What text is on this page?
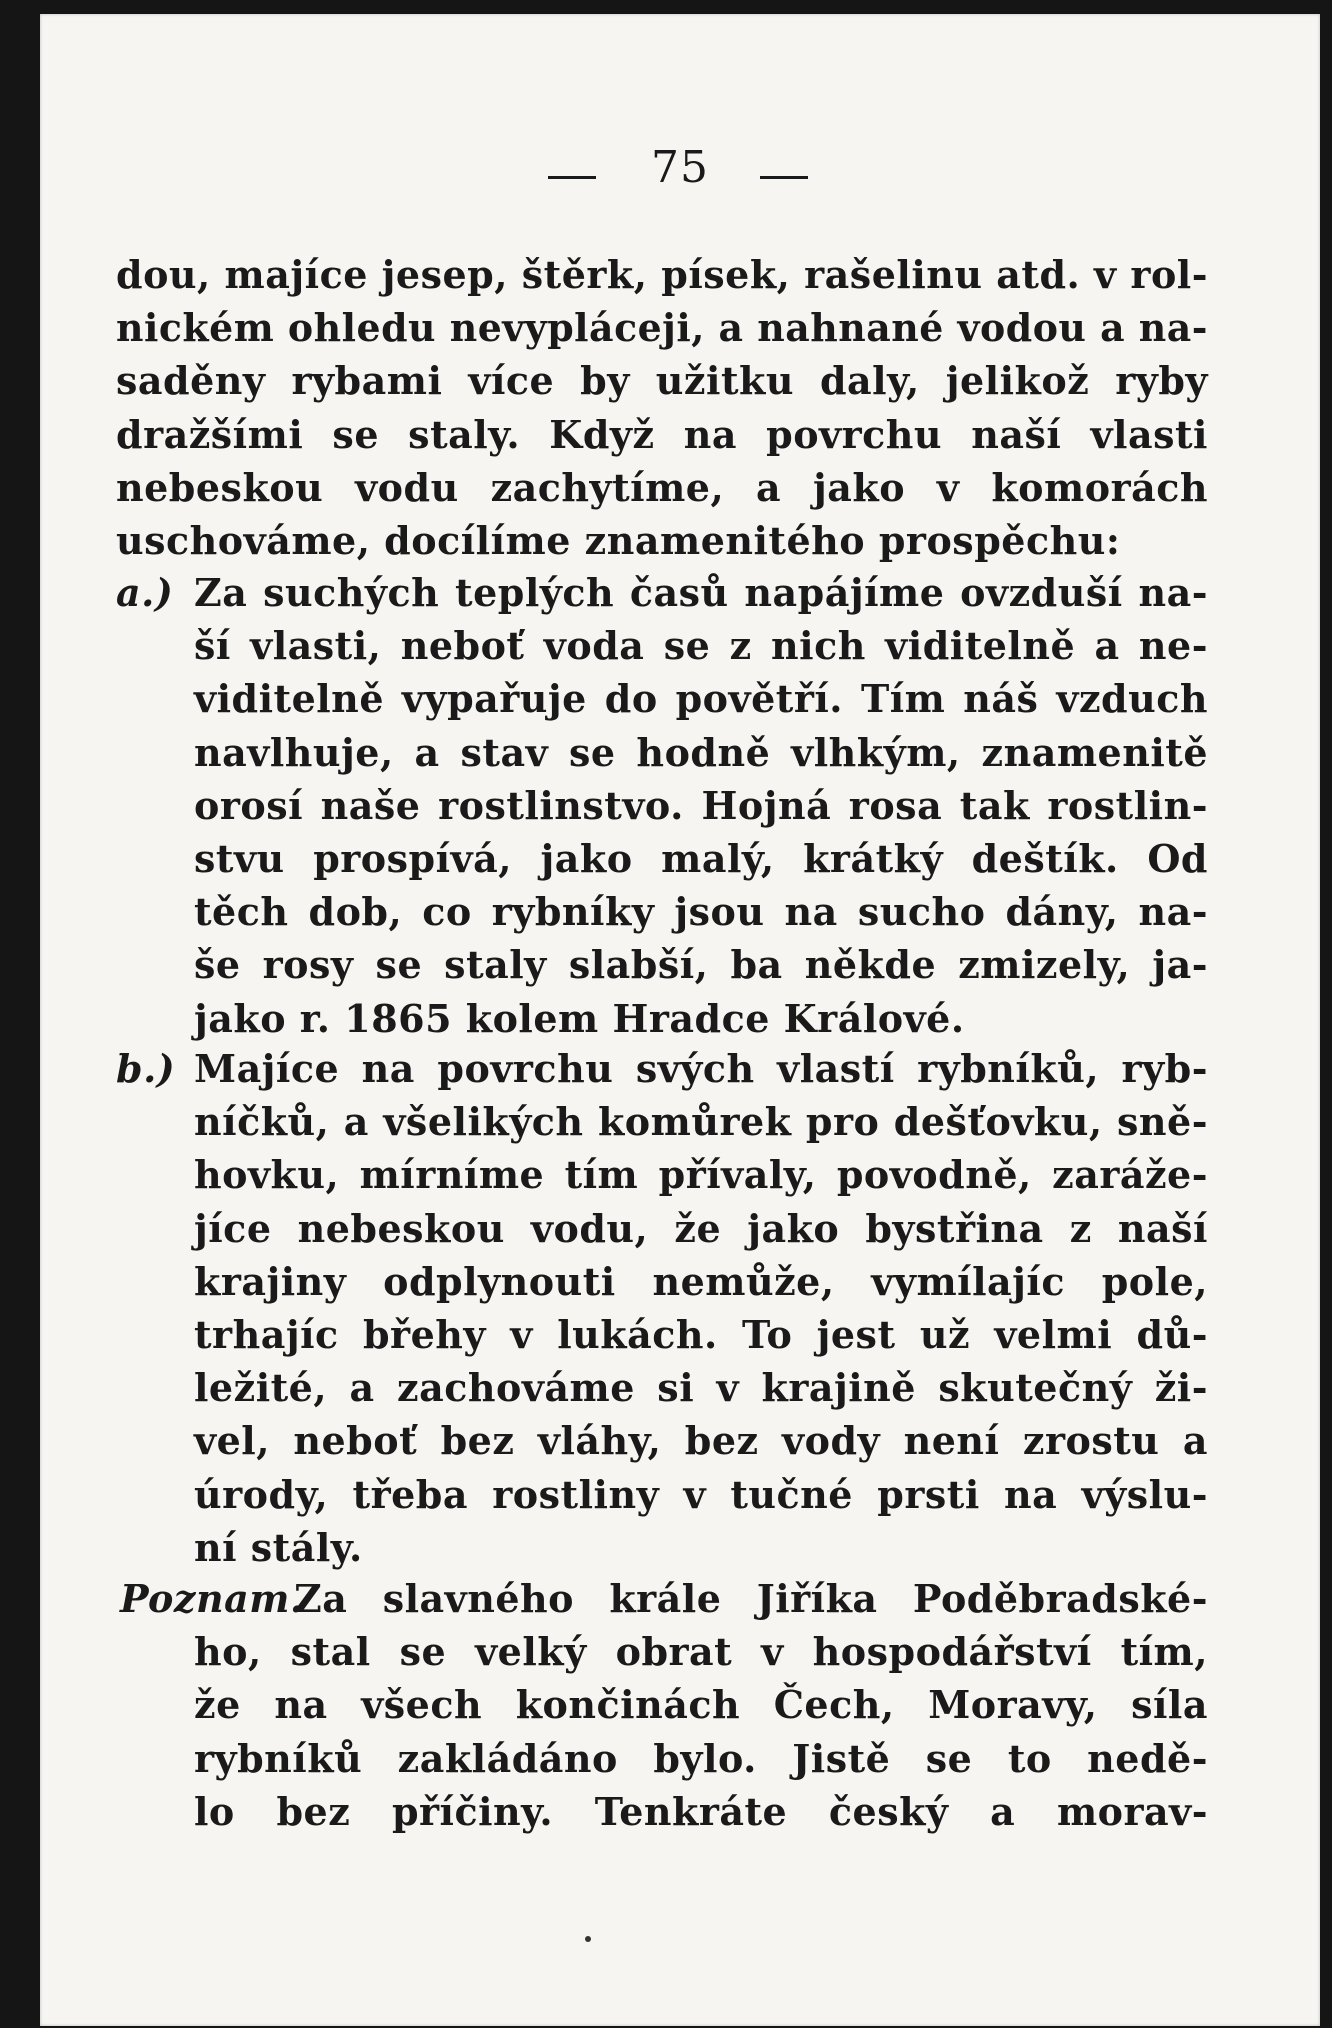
75
dou, majíce jesep, štěrk, písek, rašelinu atd. v rol-
nickém ohledu nevypláceji, a nahnané vodou a na-
saděny rybami více by užitku daly, jelikož ryby
dražšími se staly. Když na povrchu naší vlasti
nebeskou vodu zachytíme, a jako v komorách
uschováme, docílíme znamenitého prospěchu:
a.) Za suchých teplých časů napájíme ovzduší na-
ší vlasti, neboť voda se z nich viditelně a ne-
viditelně vypařuje do povětří. Tím náš vzduch
navlhuje, a stav se hodně vlhkým, znamenitě
orosí naše rostlinstvo. Hojná rosa tak rostlin-
stvu prospívá, jako malý, krátký deštík. Od
těch dob, co rybníky jsou na sucho dány, na-
še rosy se staly slabší, ba někde zmizely, ja-
jako r. 1865 kolem Hradce Králové.
b.) Majíce na povrchu svých vlastí rybníků, ryb-
níčků, a všelikých komůrek pro dešťovku, sně-
hovku, mírníme tím přívaly, povodně, zaráže-
jíce nebeskou vodu, že jako bystřina z naší
krajiny odplynouti nemůže, vymílajíc pole,
trhajíc břehy v lukách. To jest už velmi dů-
ležité, a zachováme si v krajině skutečný ži-
vel, neboť bez vláhy, bez vody není zrostu a
úrody, třeba rostliny v tučné prsti na výslu-
ní stály.
Poznam.
Za slavného krále Jiříka Poděbradské-
ho, stal se velký obrat v hospodářství tím,
že na všech končinách Čech, Moravy, síla
rybníků zakládáno bylo. Jistě se to nedě-
lo bez příčiny. Tenkráte český a morav-
